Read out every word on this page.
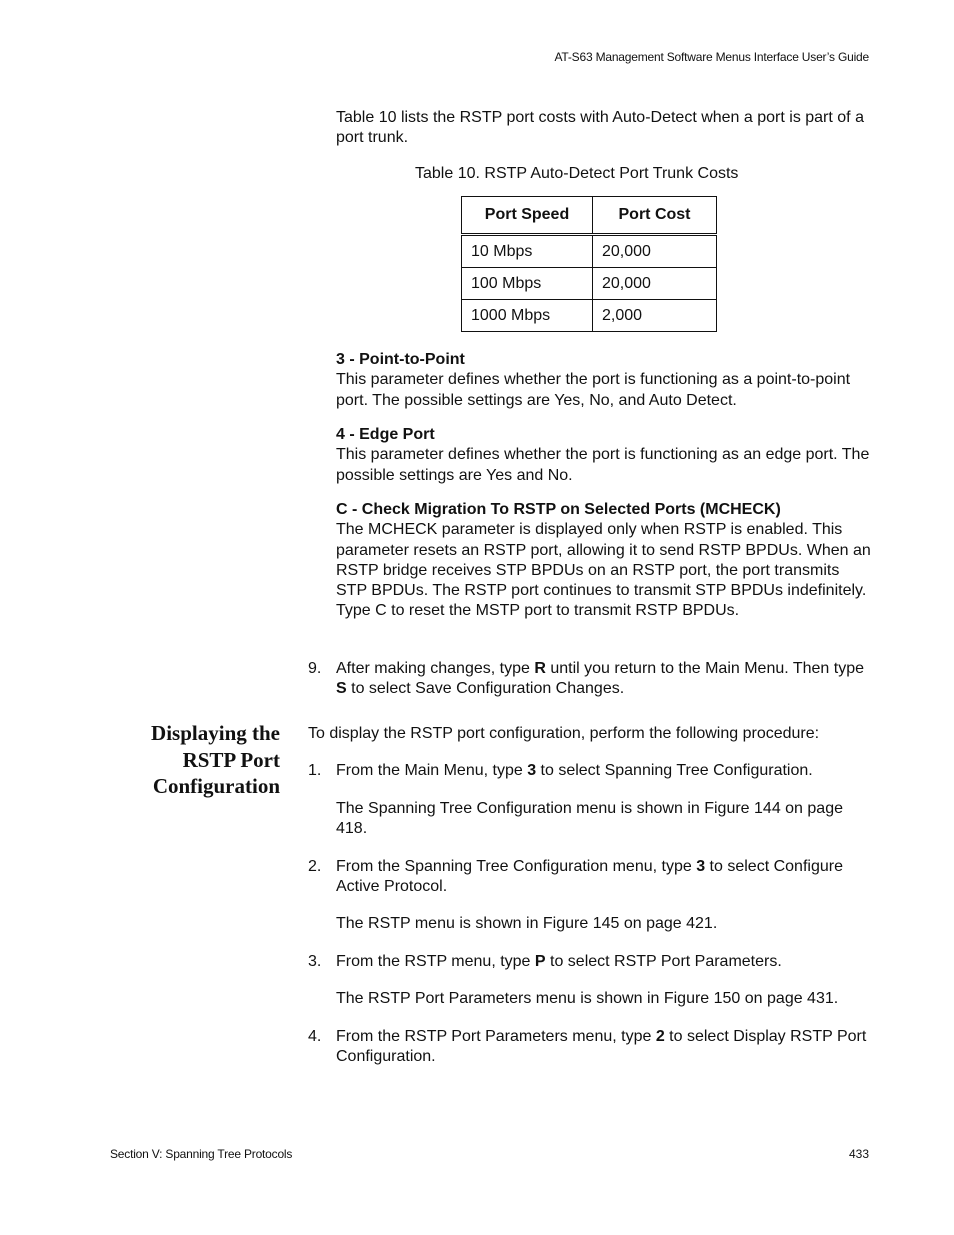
AT-S63 Management Software Menus Interface User’s Guide

Table 10 lists the RSTP port costs with Auto-Detect when a port is part of a port trunk.

Table 10. RSTP Auto-Detect Port Trunk Costs

Port Speed	Port Cost
10 Mbps	20,000
100 Mbps	20,000
1000 Mbps	2,000
3 - Point-to-Point
This parameter defines whether the port is functioning as a point-to-point port. The possible settings are Yes, No, and Auto Detect.
4 - Edge Port
This parameter defines whether the port is functioning as an edge port. The possible settings are Yes and No.
C - Check Migration To RSTP on Selected Ports (MCHECK)
The MCHECK parameter is displayed only when RSTP is enabled. This parameter resets an RSTP port, allowing it to send RSTP BPDUs. When an RSTP bridge receives STP BPDUs on an RSTP port, the port transmits STP BPDUs. The RSTP port continues to transmit STP BPDUs indefinitely. Type C to reset the MSTP port to transmit RSTP BPDUs.
9. After making changes, type R until you return to the Main Menu. Then type S to select Save Configuration Changes.

Displaying the
RSTP Port
Configuration

To display the RSTP port configuration, perform the following procedure:

1. From the Main Menu, type 3 to select Spanning Tree Configuration.

The Spanning Tree Configuration menu is shown in Figure 144 on page 418.

2. From the Spanning Tree Configuration menu, type 3 to select Configure Active Protocol.

The RSTP menu is shown in Figure 145 on page 421.

3. From the RSTP menu, type P to select RSTP Port Parameters.

The RSTP Port Parameters menu is shown in Figure 150 on page 431.

4. From the RSTP Port Parameters menu, type 2 to select Display RSTP Port Configuration.

Section V: Spanning Tree Protocols	433
